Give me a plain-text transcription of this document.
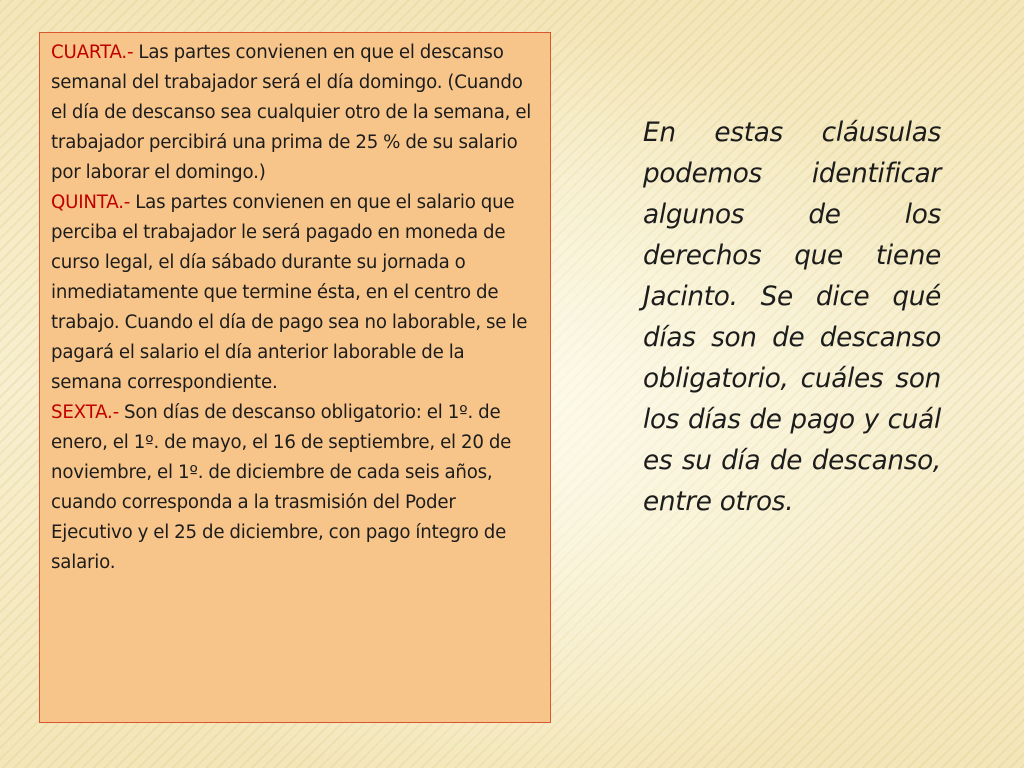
CUARTA.- Las partes convienen en que el descanso semanal del trabajador será el día domingo. (Cuando el día de descanso sea cualquier otro de la semana, el trabajador percibirá una prima de 25 % de su salario por laborar el domingo.)

QUINTA.- Las partes convienen en que el salario que perciba el trabajador le será pagado en moneda de curso legal, el día sábado durante su jornada o inmediatamente que termine ésta, en el centro de trabajo. Cuando el día de pago sea no laborable, se le pagará el salario el día anterior laborable de la semana correspondiente.

SEXTA.- Son días de descanso obligatorio: el 1º. de enero, el 1º. de mayo, el 16 de septiembre, el 20 de noviembre, el 1º. de diciembre de cada seis años, cuando corresponda a la trasmisión del Poder Ejecutivo y el 25 de diciembre, con pago íntegro de salario.

En estas cláusulas podemos identificar algunos de los derechos que tiene Jacinto. Se dice qué días son de descanso obligatorio, cuáles son los días de pago y cuál es su día de descanso, entre otros.
